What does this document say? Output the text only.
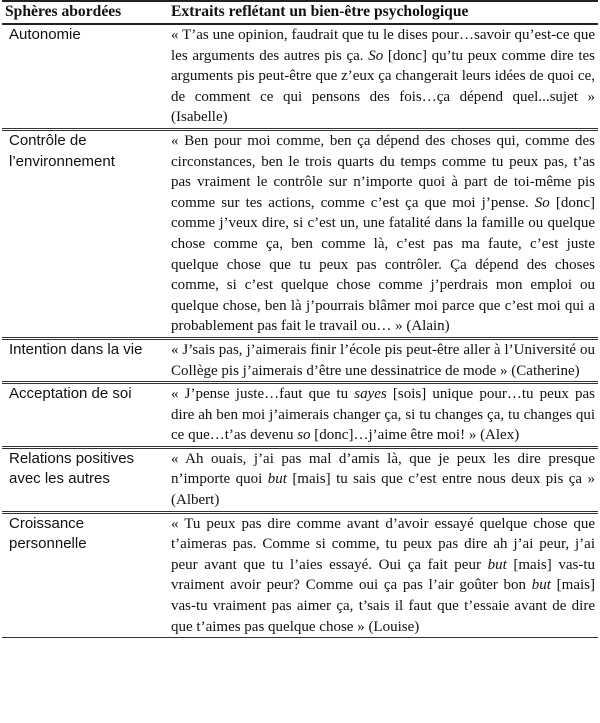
Sphères abordées	Extraits reflétant un bien-être psychologique
Autonomie	« T’as une opinion, faudrait que tu le dises pour…savoir qu’est-ce que les arguments des autres pis ça. So [donc] qu’tu peux comme dire tes arguments pis peut-être que z’eux ça changerait leurs idées de quoi ce, de comment ce qui pensons des fois…ça dépend quel...sujet » (Isabelle)
Contrôle de l’environnement	« Ben pour moi comme, ben ça dépend des choses qui, comme des circonstances, ben le trois quarts du temps comme tu peux pas, t’as pas vraiment le contrôle sur n’importe quoi à part de toi-même pis comme sur tes actions, comme c’est ça que moi j’pense. So [donc] comme j’veux dire, si c’est un, une fatalité dans la famille ou quelque chose comme ça, ben comme là, c’est pas ma faute, c’est juste quelque chose que tu peux pas contrôler. Ça dépend des choses comme, si c’est quelque chose comme j’perdrais mon emploi ou quelque chose, ben là j’pourrais blâmer moi parce que c’est moi qui a probablement pas fait le travail ou… » (Alain)
Intention dans la vie	« J’sais pas, j’aimerais finir l’école pis peut-être aller à l’Université ou Collège pis j’aimerais d’être une dessinatrice de mode » (Catherine)
Acceptation de soi	« J’pense juste…faut que tu sayes [sois] unique pour…tu peux pas dire ah ben moi j’aimerais changer ça, si tu changes ça, tu changes qui ce que…t’as devenu so [donc]…j’aime être moi! » (Alex)
Relations positives avec les autres	« Ah ouais, j’ai pas mal d’amis là, que je peux les dire presque n’importe quoi but [mais] tu sais que c’est entre nous deux pis ça » (Albert)
Croissance personnelle	« Tu peux pas dire comme avant d’avoir essayé quelque chose que t’aimeras pas. Comme si comme, tu peux pas dire ah j’ai peur, j’ai peur avant que tu l’aies essayé. Oui ça fait peur but [mais] vas-tu vraiment avoir peur? Comme oui ça pas l’air goûter bon but [mais] vas-tu vraiment pas aimer ça, t’sais il faut que t’essaie avant de dire que t’aimes pas quelque chose » (Louise)
